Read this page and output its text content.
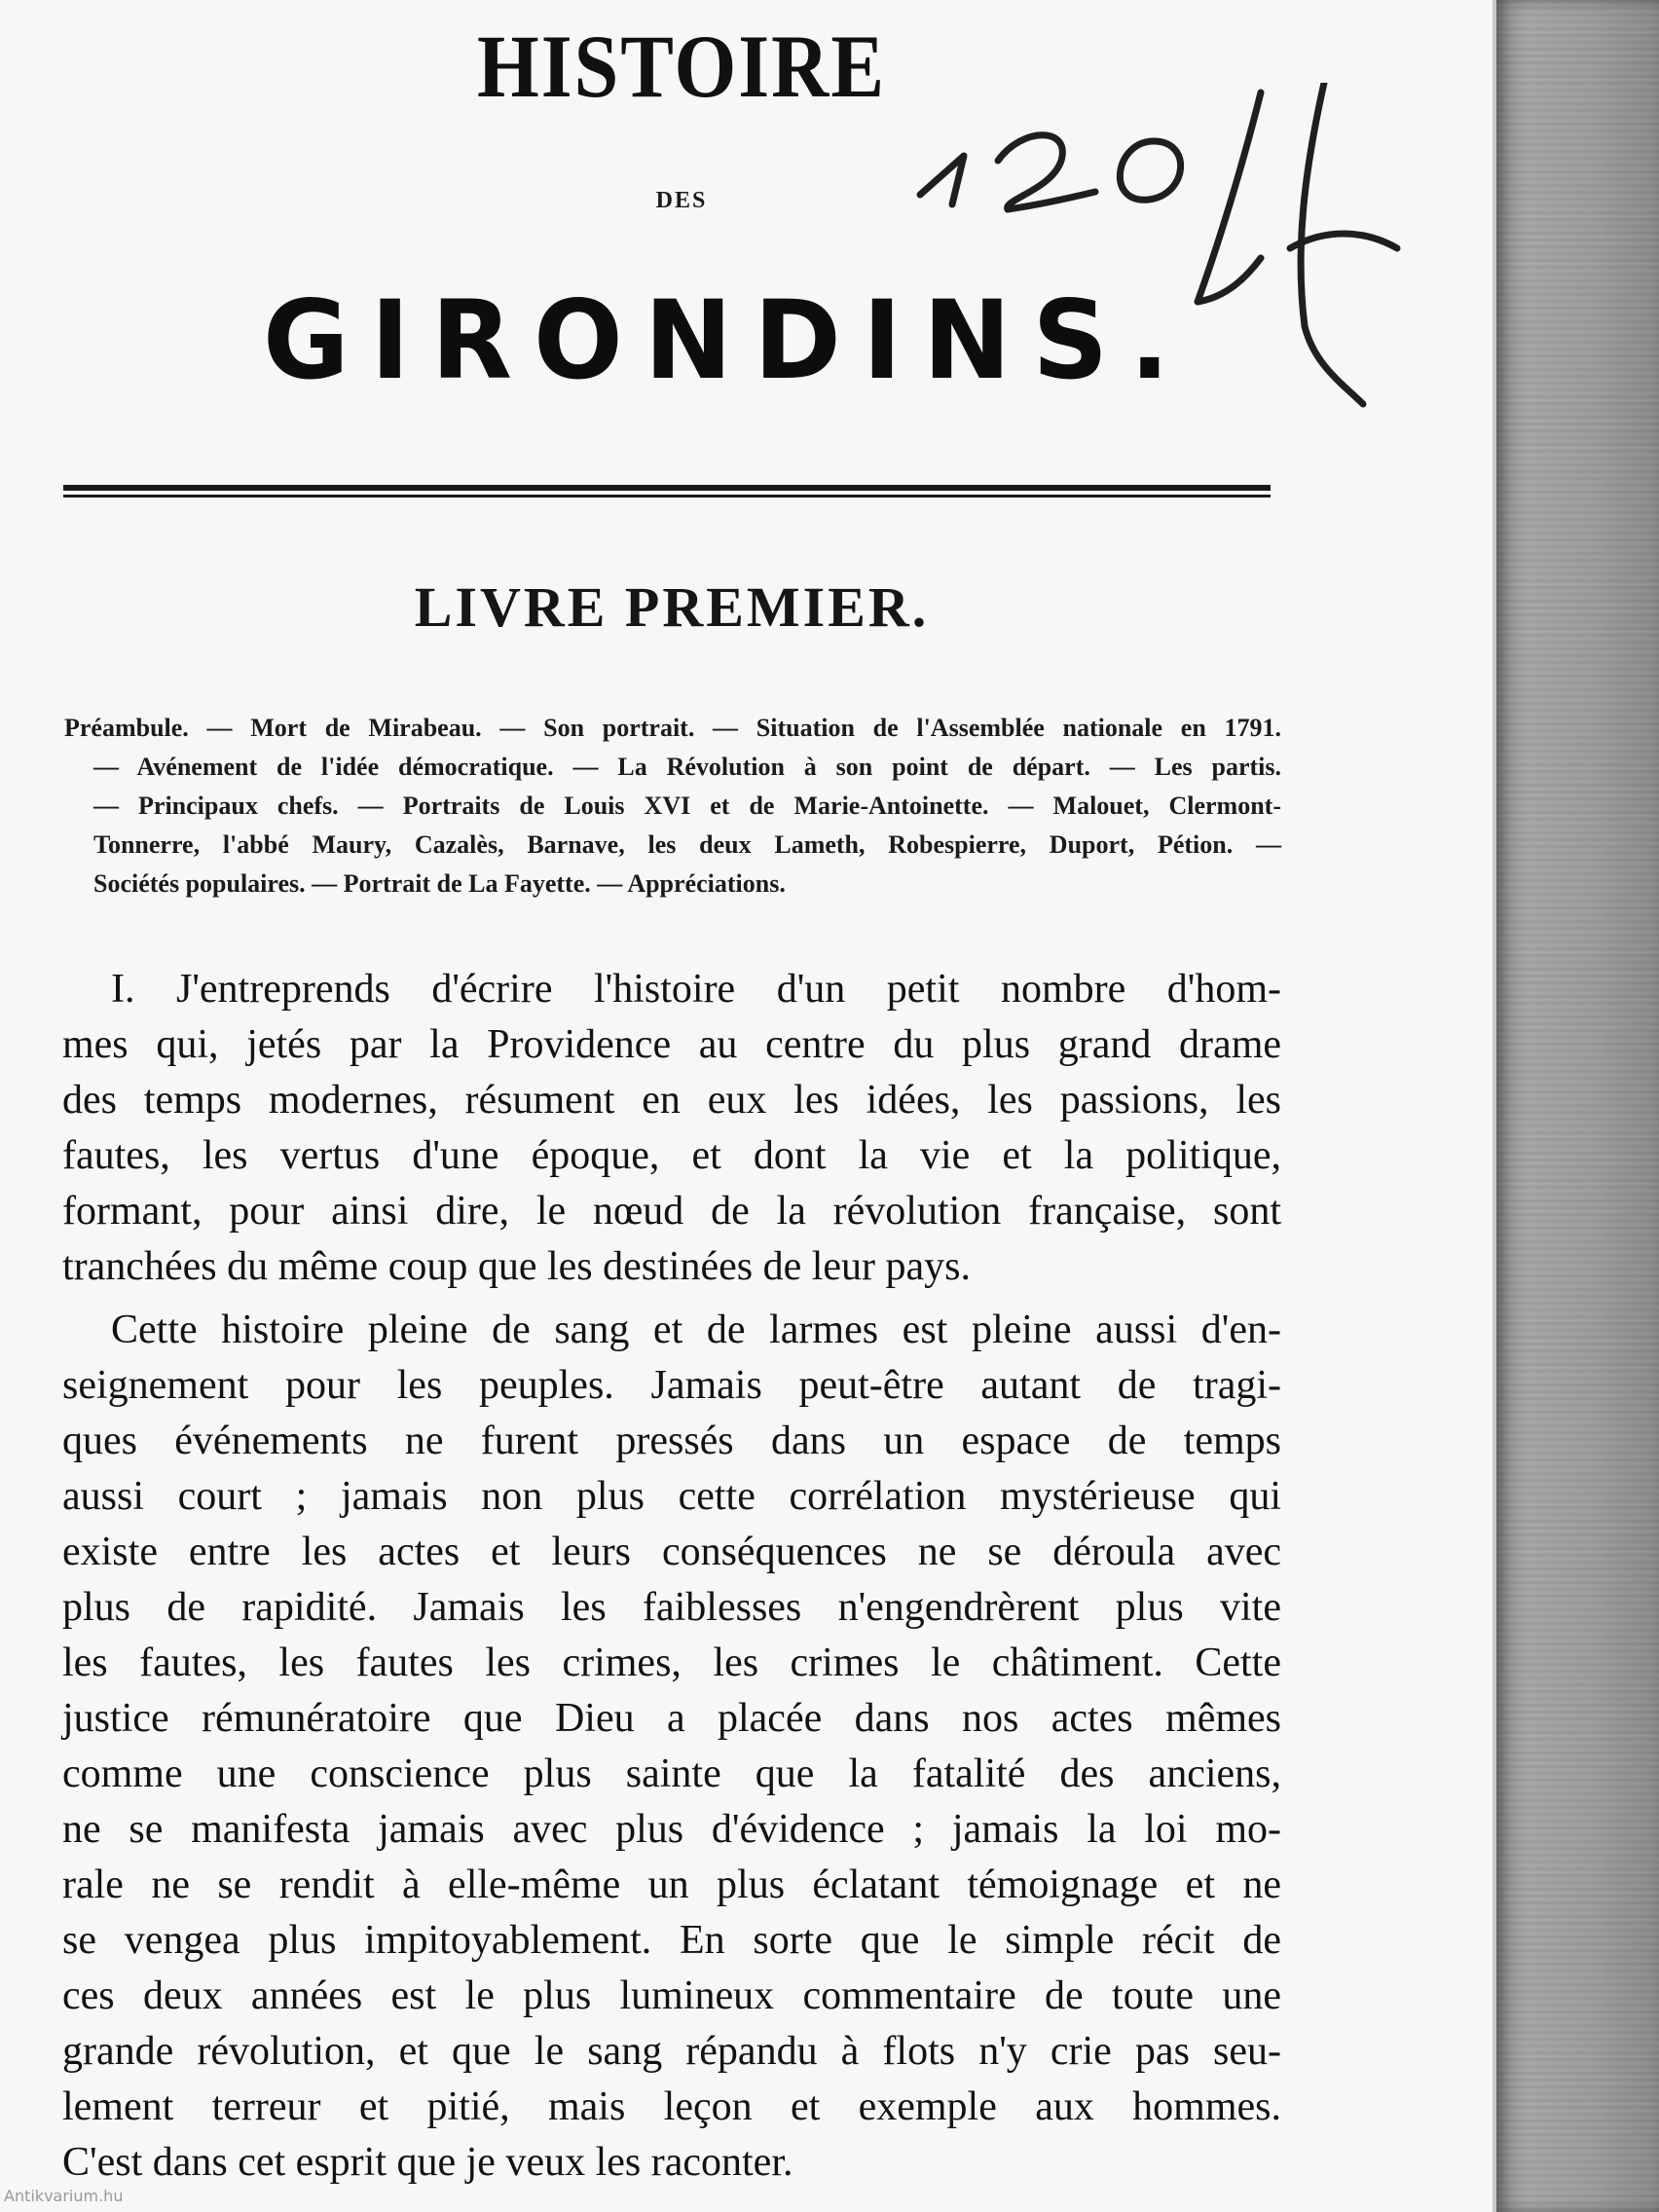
HISTOIRE
DES
GIRONDINS.
LIVRE PREMIER.
Préambule. — Mort de Mirabeau. — Son portrait. — Situation de l'Assemblée nationale en 1791.
— Avénement de l'idée démocratique. — La Révolution à son point de départ. — Les partis.
— Principaux chefs. — Portraits de Louis XVI et de Marie-Antoinette. — Malouet, Clermont-
Tonnerre, l'abbé Maury, Cazalès, Barnave, les deux Lameth, Robespierre, Duport, Pétion. —
Sociétés populaires. — Portrait de La Fayette. — Appréciations.
I. J'entreprends d'écrire l'histoire d'un petit nombre d'hom-
mes qui, jetés par la Providence au centre du plus grand drame
des temps modernes, résument en eux les idées, les passions, les
fautes, les vertus d'une époque, et dont la vie et la politique,
formant, pour ainsi dire, le nœud de la révolution française, sont
tranchées du même coup que les destinées de leur pays.
Cette histoire pleine de sang et de larmes est pleine aussi d'en-
seignement pour les peuples. Jamais peut-être autant de tragi-
ques événements ne furent pressés dans un espace de temps
aussi court ; jamais non plus cette corrélation mystérieuse qui
existe entre les actes et leurs conséquences ne se déroula avec
plus de rapidité. Jamais les faiblesses n'engendrèrent plus vite
les fautes, les fautes les crimes, les crimes le châtiment. Cette
justice rémunératoire que Dieu a placée dans nos actes mêmes
comme une conscience plus sainte que la fatalité des anciens,
ne se manifesta jamais avec plus d'évidence ; jamais la loi mo-
rale ne se rendit à elle-même un plus éclatant témoignage et ne
se vengea plus impitoyablement. En sorte que le simple récit de
ces deux années est le plus lumineux commentaire de toute une
grande révolution, et que le sang répandu à flots n'y crie pas seu-
lement terreur et pitié, mais leçon et exemple aux hommes.
C'est dans cet esprit que je veux les raconter.
Antikvarium.hu
